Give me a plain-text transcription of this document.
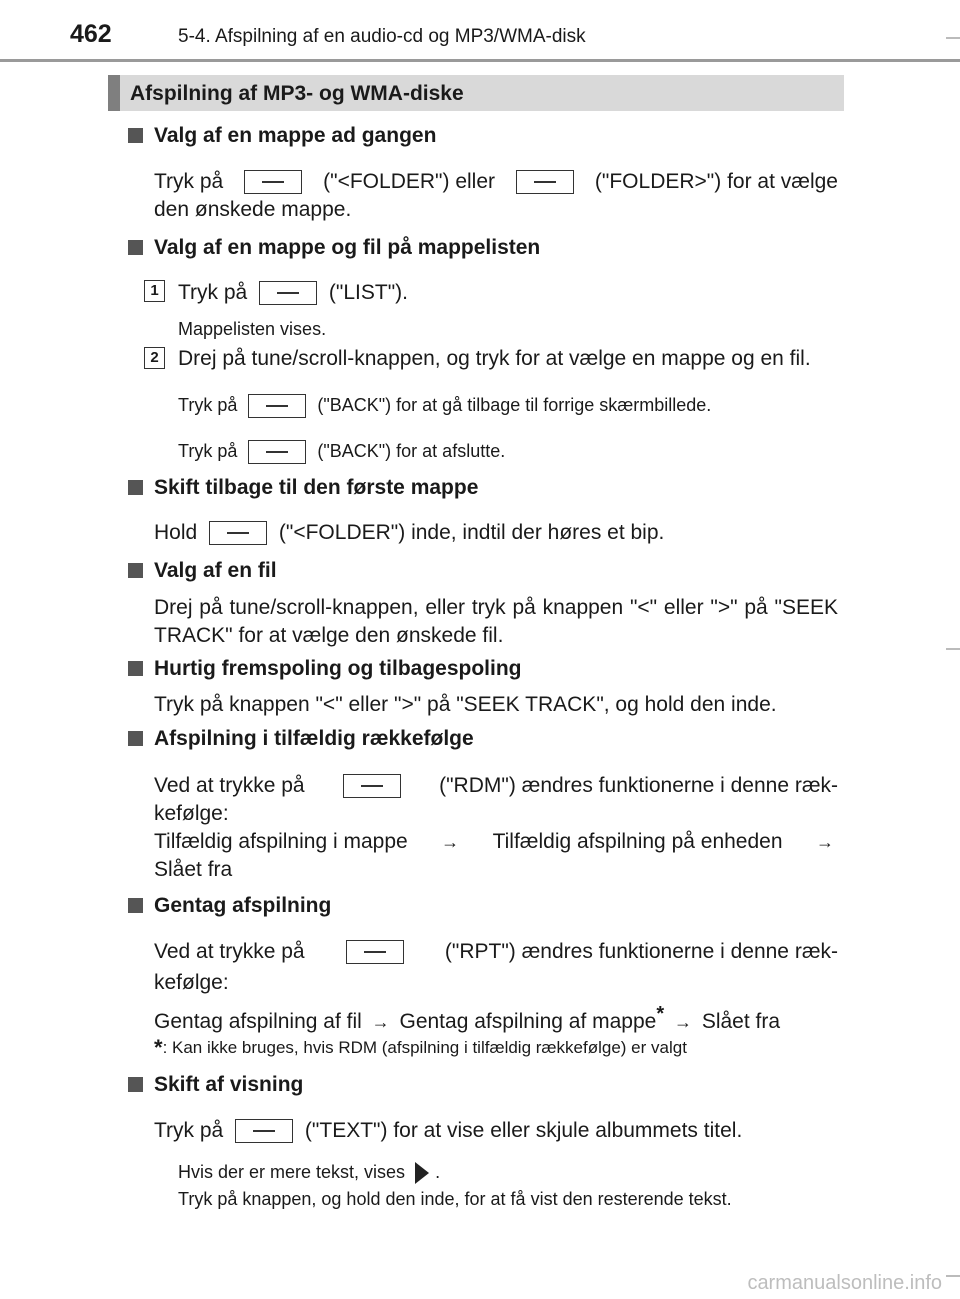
462	5-4. Afspilning af en audio-cd og MP3/WMA-disk
Afspilning af MP3- og WMA-diske
Valg af en mappe ad gangen
Tryk på	("<FOLDER") eller	("FOLDER>") for at vælge
den ønskede mappe.
Valg af en mappe og fil på mappelisten
1 Tryk på	("LIST").
Mappelisten vises.
2 Drej på tune/scroll-knappen, og tryk for at vælge en mappe og en fil.
Tryk på	("BACK") for at gå tilbage til forrige skærmbillede.
Tryk på	("BACK") for at afslutte.
Skift tilbage til den første mappe
Hold	("<FOLDER") inde, indtil der høres et bip.
Valg af en fil
Drej på tune/scroll-knappen, eller tryk på knappen "<" eller ">" på "SEEK TRACK" for at vælge den ønskede fil.
Hurtig fremspoling og tilbagespoling
Tryk på knappen "<" eller ">" på "SEEK TRACK", og hold den inde.
Afspilning i tilfældig rækkefølge
Ved at trykke på	("RDM") ændres funktionerne i denne ræk-
kefølge:
Tilfældig afspilning i mappe → Tilfældig afspilning på enheden →
Slået fra
Gentag afspilning
Ved at trykke på	("RPT") ændres funktionerne i denne ræk-
kefølge:
Gentag afspilning af fil → Gentag afspilning af mappe* → Slået fra
*: Kan ikke bruges, hvis RDM (afspilning i tilfældig rækkefølge) er valgt
Skift af visning
Tryk på	("TEXT") for at vise eller skjule albummets titel.
Hvis der er mere tekst, vises .
Tryk på knappen, og hold den inde, for at få vist den resterende tekst.
carmanualsonline.info
